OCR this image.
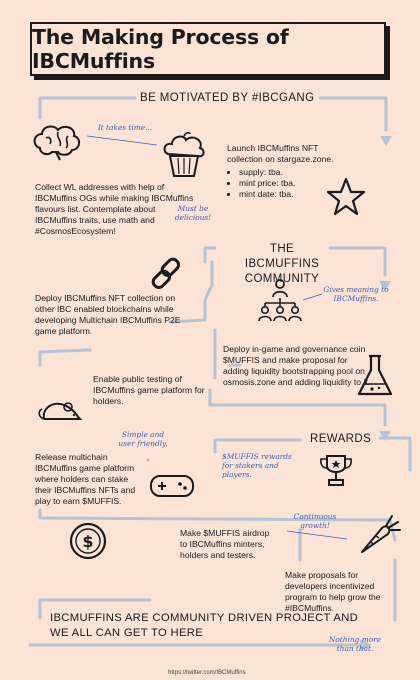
The Making Process of IBCMuffins
BE MOTIVATED BY #IBCGANG
It takes time...
Collect WL addresses with help of IBCMuffins OGs while making IBCMuffins flavours list. Contemplate about IBCMuffins traits, use math and #CosmosEcosystem!
Must be delicious!
Launch IBCMuffins NFT collection on stargaze.zone.
• supply: tba.
• mint price: tba.
• mint date: tba.
THE IBCMUFFINS COMMUNITY
Gives meaning to IBCMuffins.
Deploy IBCMuffins NFT collection on other IBC enabled blockchains while developing Multichain IBCMuffins P2E game platform.
Deploy in-game and governance coin $MUFFIS and make proposal for adding liquidity bootstrapping pool on osmosis.zone and adding liquidity to it.
Enable public testing of IBCMuffins game platform for holders.
Simple and user friendly.	REWARDS
$MUFFIS rewards for stakers and players.
Release multichain IBCMuffins game platform where holders can stake their IBCMuffins NFTs and play to earn $MUFFIS.
$	Make $MUFFIS airdrop to IBCMuffins minters, holders and testers.
Continuous growth!
Make proposals for developers incentivized program to help grow the #IBCMuffins.
IBCMUFFINS ARE COMMUNITY DRIVEN PROJECT AND WE ALL CAN GET TO HERE
Nothing more than that.
https://twitter.com/IBCMuffins
